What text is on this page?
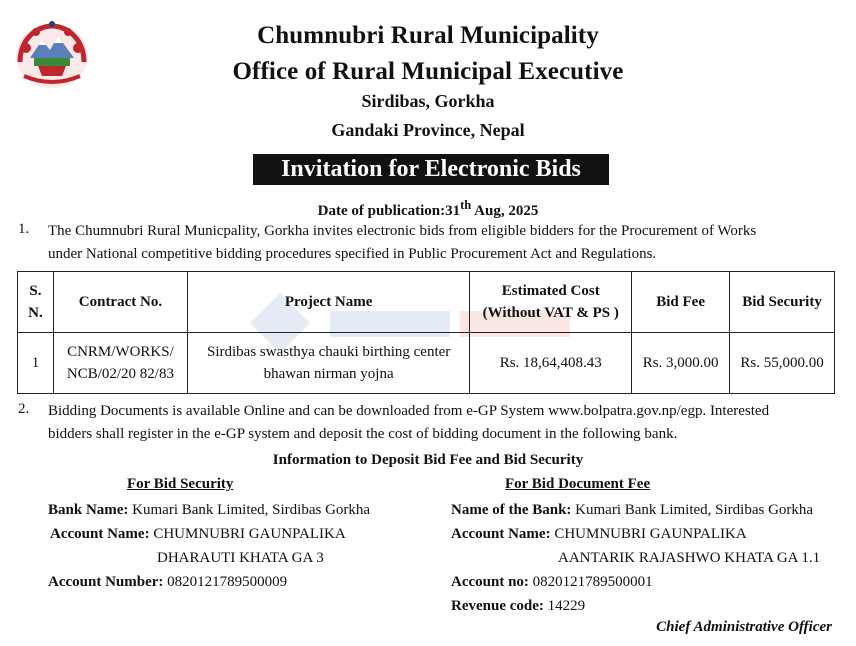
Chumnubri Rural Municipality
Office of Rural Municipal Executive
Sirdibas, Gorkha
Gandaki Province, Nepal
Invitation for Electronic Bids
Date of publication:31th Aug, 2025
1. The Chumnubri Rural Municpality, Gorkha invites electronic bids from eligible bidders for the Procurement of Works
under National competitive bidding procedures specified in Public Procurement Act and Regulations.
S. N.	Contract No.	Project Name	Estimated Cost
(Without VAT & PS )	Bid Fee	Bid Security
1	CNRM/WORKS/ NCB/02/20 82/83	Sirdibas swasthya chauki birthing center bhawan nirman yojna	Rs. 18,64,408.43	Rs. 3,000.00	Rs. 55,000.00
2. Bidding Documents is available Online and can be downloaded from e-GP System www.bolpatra.gov.np/egp. Interested
bidders shall register in the e-GP system and deposit the cost of bidding document in the following bank.
Information to Deposit Bid Fee and Bid Security
For Bid Security
Bank Name: Kumari Bank Limited, Sirdibas Gorkha
Account Name: CHUMNUBRI GAUNPALIKA
DHARAUTI KHATA GA 3
Account Number: 0820121789500009
For Bid Document Fee
Name of the Bank: Kumari Bank Limited, Sirdibas Gorkha
Account Name: CHUMNUBRI GAUNPALIKA
AANTARIK RAJASHWO KHATA GA 1.1
Account no: 0820121789500001
Revenue code: 14229
Chief Administrative Officer
